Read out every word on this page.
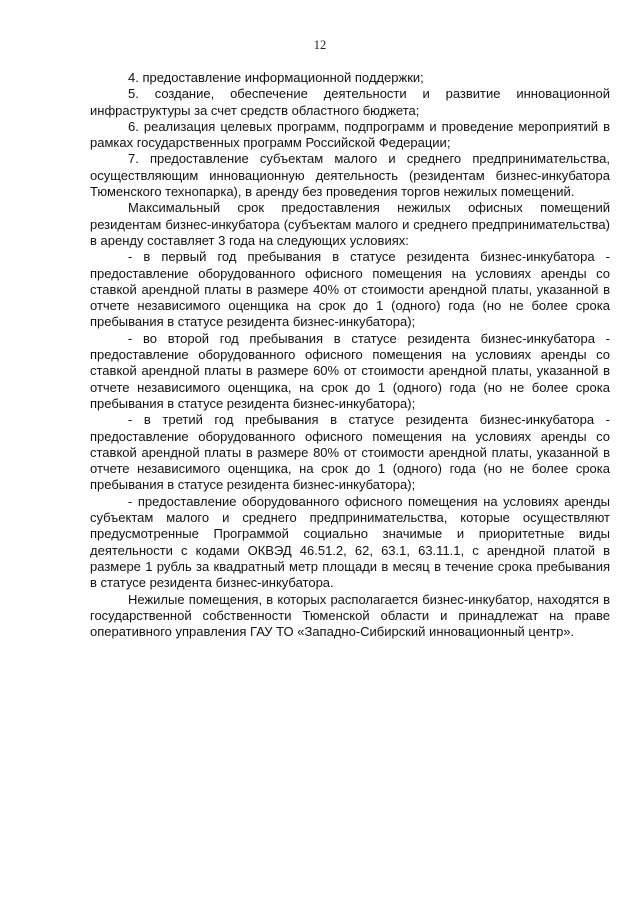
12

4. предоставление информационной поддержки;

5. создание, обеспечение деятельности и развитие инновационной инфраструктуры за счет средств областного бюджета;

6. реализация целевых программ, подпрограмм и проведение мероприятий в рамках государственных программ Российской Федерации;

7. предоставление субъектам малого и среднего предпринимательства, осуществляющим инновационную деятельность (резидентам бизнес-инкубатора Тюменского технопарка), в аренду без проведения торгов нежилых помещений.

Максимальный срок предоставления нежилых офисных помещений резидентам бизнес-инкубатора (субъектам малого и среднего предпринимательства) в аренду составляет 3 года на следующих условиях:

- в первый год пребывания в статусе резидента бизнес-инкубатора - предоставление оборудованного офисного помещения на условиях аренды со ставкой арендной платы в размере 40% от стоимости арендной платы, указанной в отчете независимого оценщика на срок до 1 (одного) года (но не более срока пребывания в статусе резидента бизнес-инкубатора);

- во второй год пребывания в статусе резидента бизнес-инкубатора - предоставление оборудованного офисного помещения на условиях аренды со ставкой арендной платы в размере 60% от стоимости арендной платы, указанной в отчете независимого оценщика, на срок до 1 (одного) года (но не более срока пребывания в статусе резидента бизнес-инкубатора);

- в третий год пребывания в статусе резидента бизнес-инкубатора - предоставление оборудованного офисного помещения на условиях аренды со ставкой арендной платы в размере 80% от стоимости арендной платы, указанной в отчете независимого оценщика, на срок до 1 (одного) года (но не более срока пребывания в статусе резидента бизнес-инкубатора);

- предоставление оборудованного офисного помещения на условиях аренды субъектам малого и среднего предпринимательства, которые осуществляют предусмотренные Программой социально значимые и приоритетные виды деятельности с кодами ОКВЭД 46.51.2, 62, 63.1, 63.11.1, с арендной платой в размере 1 рубль за квадратный метр площади в месяц в течение срока пребывания в статусе резидента бизнес-инкубатора.

Нежилые помещения, в которых располагается бизнес-инкубатор, находятся в государственной собственности Тюменской области и принадлежат на праве оперативного управления ГАУ ТО «Западно-Сибирский инновационный центр».
